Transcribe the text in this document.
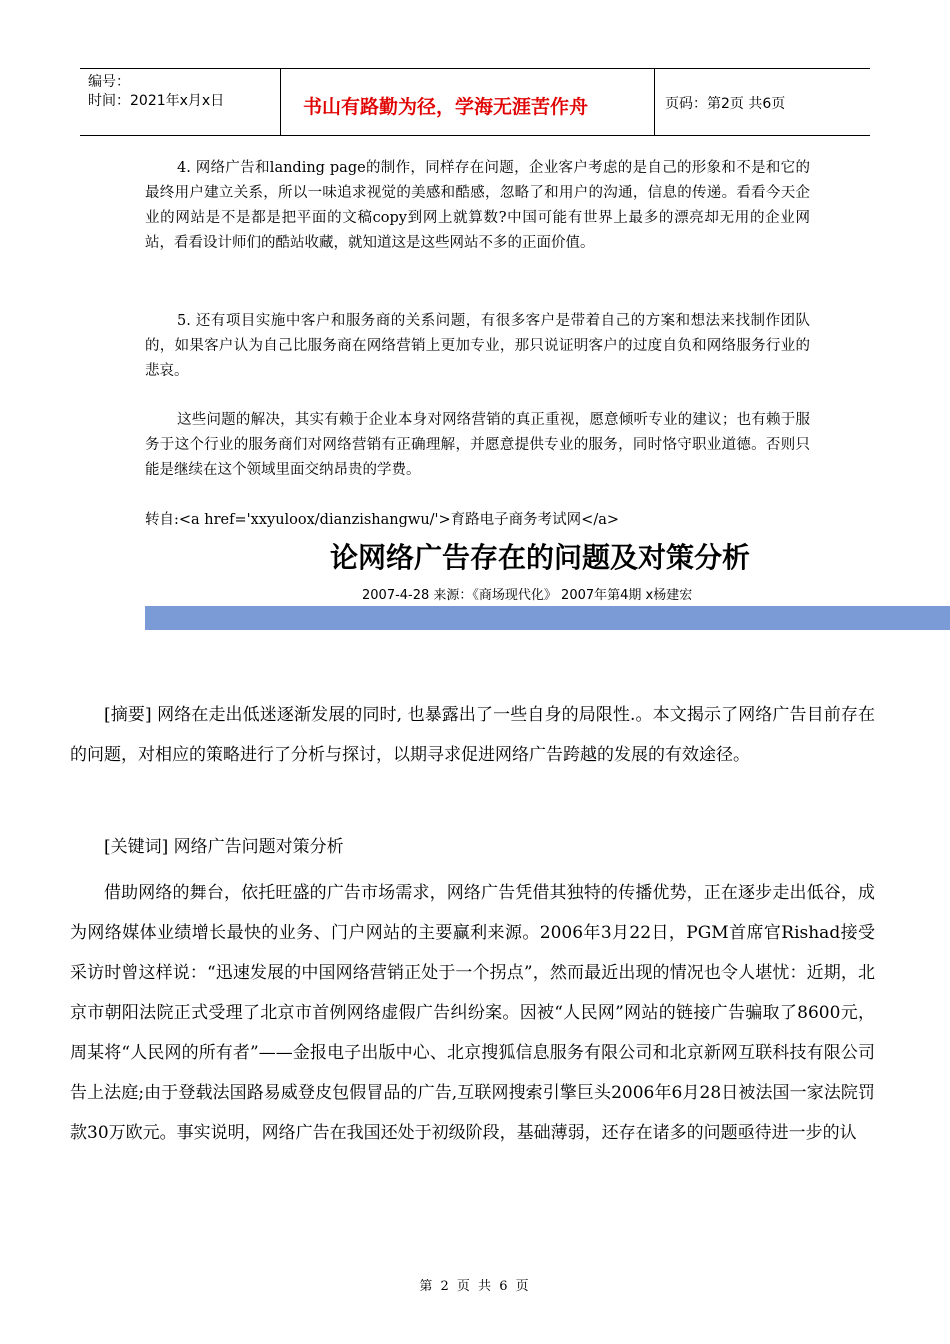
编号：
时间：2021年x月x日	书山有路勤为径，学海无涯苦作舟	页码：第2页 共6页

4. 网络广告和landing page的制作，同样存在问题，企业客户考虑的是自己的形象和不是和它的最终用户建立关系，所以一味追求视觉的美感和酷感，忽略了和用户的沟通，信息的传递。看看今天企业的网站是不是都是把平面的文稿copy到网上就算数?中国可能有世界上最多的漂亮却无用的企业网站，看看设计师们的酷站收藏，就知道这是这些网站不多的正面价值。

5. 还有项目实施中客户和服务商的关系问题，有很多客户是带着自己的方案和想法来找制作团队的，如果客户认为自己比服务商在网络营销上更加专业，那只说证明客户的过度自负和网络服务行业的悲哀。

这些问题的解决，其实有赖于企业本身对网络营销的真正重视，愿意倾听专业的建议；也有赖于服务于这个行业的服务商们对网络营销有正确理解，并愿意提供专业的服务，同时恪守职业道德。否则只能是继续在这个领域里面交纳昂贵的学费。

转自:<a href='xxyuloox/dianzishangwu/'>育路电子商务考试网</a>

论网络广告存在的问题及对策分析
2007-4-28 来源：《商场现代化》 2007年第4期 x杨建宏

[摘要] 网络在走出低迷逐渐发展的同时, 也暴露出了一些自身的局限性.。本文揭示了网络广告目前存在的问题，对相应的策略进行了分析与探讨，以期寻求促进网络广告跨越的发展的有效途径。

[关键词] 网络广告问题对策分析

借助网络的舞台，依托旺盛的广告市场需求，网络广告凭借其独特的传播优势，正在逐步走出低谷，成为网络媒体业绩增长最快的业务、门户网站的主要赢利来源。2006年3月22日，PGM首席官Rishad接受采访时曾这样说：“迅速发展的中国网络营销正处于一个拐点”，然而最近出现的情况也令人堪忧：近期，北京市朝阳法院正式受理了北京市首例网络虚假广告纠纷案。因被“人民网”网站的链接广告骗取了8600元，周某将“人民网的所有者”——金报电子出版中心、北京搜狐信息服务有限公司和北京新网互联科技有限公司告上法庭;由于登载法国路易威登皮包假冒品的广告,互联网搜索引擎巨头2006年6月28日被法国一家法院罚款30万欧元。事实说明，网络广告在我国还处于初级阶段，基础薄弱，还存在诸多的问题亟待进一步的认

第 2 页 共 6 页
